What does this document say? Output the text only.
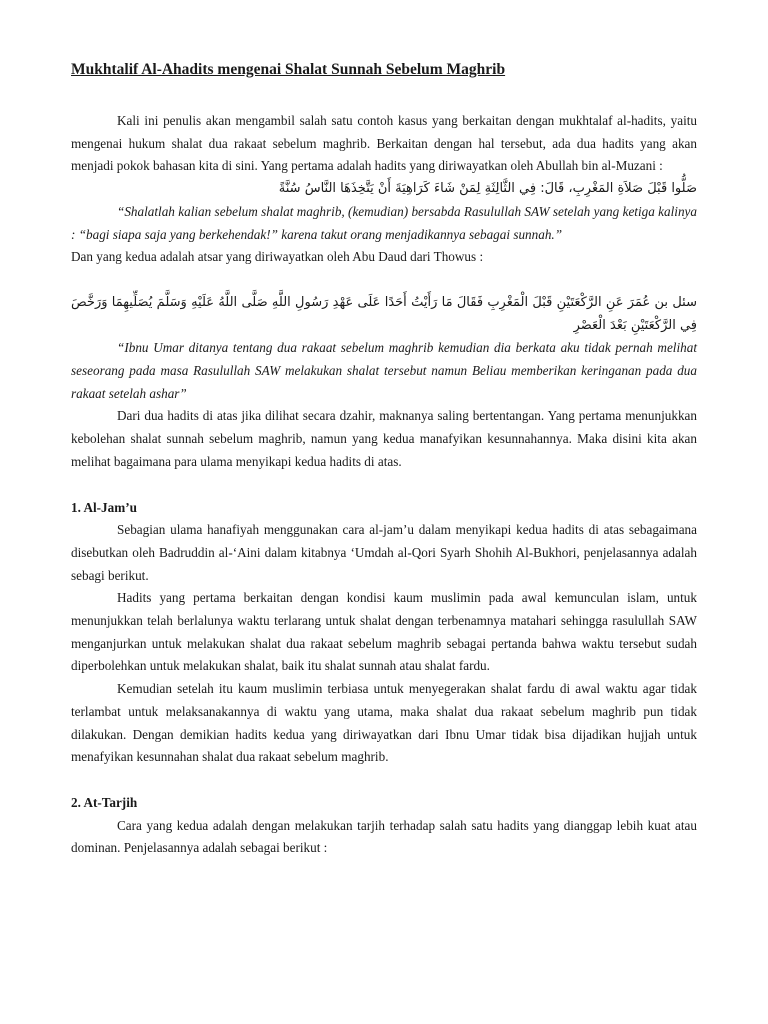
Mukhtalif Al-Ahadits mengenai Shalat Sunnah Sebelum Maghrib

Kali ini penulis akan mengambil salah satu contoh kasus yang berkaitan dengan mukhtalaf al-hadits, yaitu mengenai hukum shalat dua rakaat sebelum maghrib. Berkaitan dengan hal tersebut, ada dua hadits yang akan menjadi pokok bahasan kita di sini. Yang pertama adalah hadits yang diriwayatkan oleh Abullah bin al-Muzani :

صَلُّوا قَبْلَ صَلاَةِ المَغْرِبِ، قَالَ: فِي الثَّالِثَةِ لِمَنْ شَاءَ كَرَاهِيَةَ أَنْ يَتَّخِذَهَا النَّاسُ سُنَّةً

“Shalatlah kalian sebelum shalat maghrib, (kemudian) bersabda Rasulullah SAW setelah yang ketiga kalinya : “bagi siapa saja yang berkehendak!” karena takut orang menjadikannya sebagai sunnah.”

Dan yang kedua adalah atsar yang diriwayatkan oleh Abu Daud dari Thowus :

سئل بن عُمَرَ عَنِ الرَّكْعَتَيْنِ قَبْلَ الْمَغْرِبِ فَقَالَ مَا رَأَيْتُ أَحَدًا عَلَى عَهْدِ رَسُولِ اللَّهِ صَلَّى اللَّهُ عَلَيْهِ وَسَلَّمَ يُصَلِّيهِمَا وَرَخَّصَ فِي الرَّكْعَتَيْنِ بَعْدَ الْعَصْرِ

“Ibnu Umar ditanya tentang dua rakaat sebelum maghrib kemudian dia berkata aku tidak pernah melihat seseorang pada masa Rasulullah SAW melakukan shalat tersebut namun Beliau memberikan keringanan pada dua rakaat setelah ashar”

Dari dua hadits di atas jika dilihat secara dzahir, maknanya saling bertentangan. Yang pertama menunjukkan kebolehan shalat sunnah sebelum maghrib, namun yang kedua manafyikan kesunnahannya. Maka disini kita akan melihat bagaimana para ulama menyikapi kedua hadits di atas.

1. Al-Jam’u

Sebagian ulama hanafiyah menggunakan cara al-jam’u dalam menyikapi kedua hadits di atas sebagaimana disebutkan oleh Badruddin al-‘Aini dalam kitabnya ‘Umdah al-Qori Syarh Shohih Al-Bukhori, penjelasannya adalah sebagi berikut.

Hadits yang pertama berkaitan dengan kondisi kaum muslimin pada awal kemunculan islam, untuk menunjukkan telah berlalunya waktu terlarang untuk shalat dengan terbenamnya matahari sehingga rasulullah SAW menganjurkan untuk melakukan shalat dua rakaat sebelum maghrib sebagai pertanda bahwa waktu tersebut sudah diperbolehkan untuk melakukan shalat, baik itu shalat sunnah atau shalat fardu.

Kemudian setelah itu kaum muslimin terbiasa untuk menyegerakan shalat fardu di awal waktu agar tidak terlambat untuk melaksanakannya di waktu yang utama, maka shalat dua rakaat sebelum maghrib pun tidak dilakukan. Dengan demikian hadits kedua yang diriwayatkan dari Ibnu Umar tidak bisa dijadikan hujjah untuk menafyikan kesunnahan shalat dua rakaat sebelum maghrib.

2. At-Tarjih

Cara yang kedua adalah dengan melakukan tarjih terhadap salah satu hadits yang dianggap lebih kuat atau dominan. Penjelasannya adalah sebagai berikut :
